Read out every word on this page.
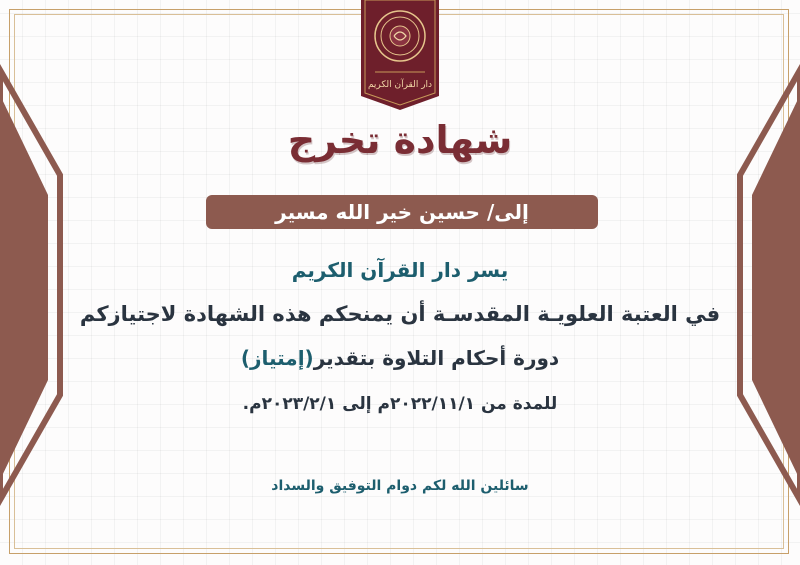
دار القرآن الكريم
شهادة تخرج
إلى/ حسين خير الله مسير
يسر دار القرآن الكريم
في العتبة العلويـة المقدسـة أن يمنحكم هذه الشهادة لاجتيازكم
دورة أحكام التلاوة بتقدير(إمتياز)
للمدة من ٢٠٢٢/١١/١م إلى ٢٠٢٣/٢/١م.
سائلين الله لكم دوام التوفيق والسداد
